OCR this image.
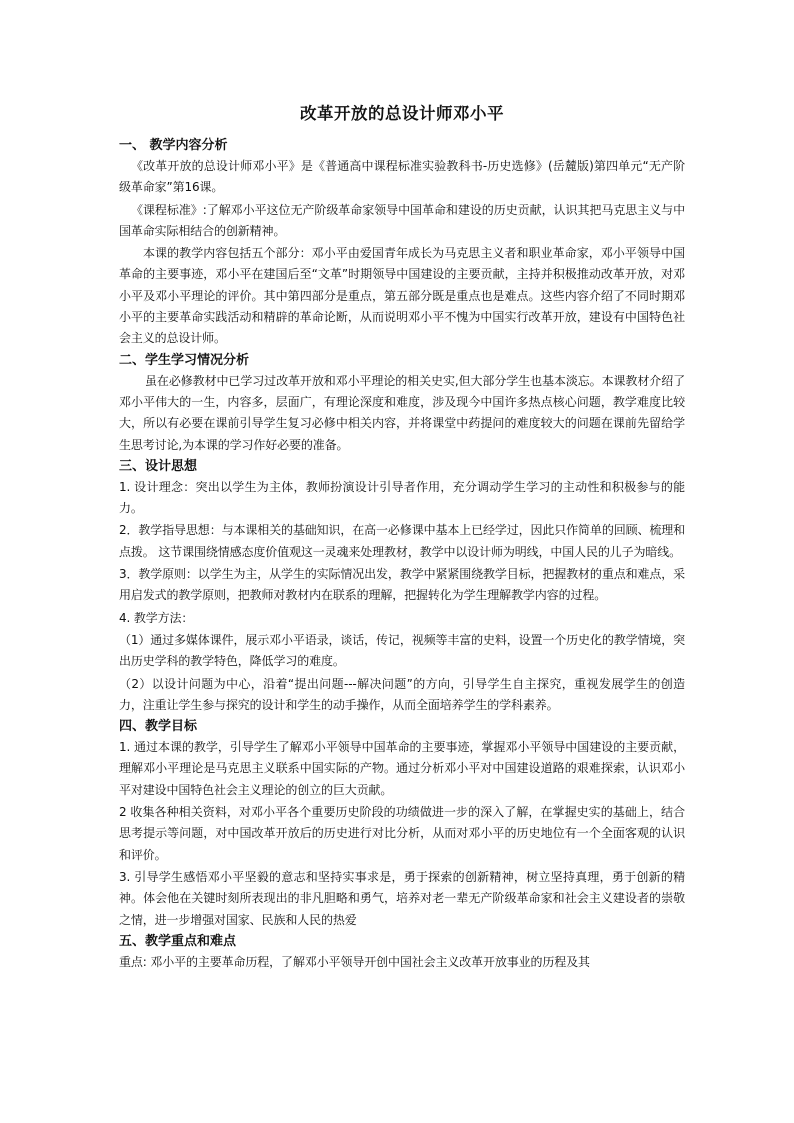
改革开放的总设计师邓小平
一、 教学内容分析

《改革开放的总设计师邓小平》是《普通高中课程标准实验教科书-历史选修》(岳麓版)第四单元“无产阶级革命家”第16课。

《课程标准》:了解邓小平这位无产阶级革命家领导中国革命和建设的历史贡献，认识其把马克思主义与中国革命实际相结合的创新精神。

本课的教学内容包括五个部分：邓小平由爱国青年成长为马克思主义者和职业革命家，邓小平领导中国革命的主要事迹，邓小平在建国后至“文革”时期领导中国建设的主要贡献，主持并积极推动改革开放，对邓小平及邓小平理论的评价。其中第四部分是重点，第五部分既是重点也是难点。这些内容介绍了不同时期邓小平的主要革命实践活动和精辟的革命论断，从而说明邓小平不愧为中国实行改革开放，建设有中国特色社会主义的总设计师。

二、学生学习情况分析

虽在必修教材中已学习过改革开放和邓小平理论的相关史实,但大部分学生也基本淡忘。本课教材介绍了邓小平伟大的一生，内容多，层面广，有理论深度和难度，涉及现今中国许多热点核心问题，教学难度比较大，所以有必要在课前引导学生复习必修中相关内容，并将课堂中药提问的难度较大的问题在课前先留给学生思考讨论,为本课的学习作好必要的准备。

三、设计思想

1. 设计理念：突出以学生为主体，教师扮演设计引导者作用，充分调动学生学习的主动性和积极参与的能力。

2．教学指导思想：与本课相关的基础知识，在高一必修课中基本上已经学过，因此只作简单的回顾、梳理和点拨。 这节课围绕情感态度价值观这一灵魂来处理教材，教学中以设计师为明线，中国人民的儿子为暗线。

3．教学原则：以学生为主，从学生的实际情况出发，教学中紧紧围绕教学目标，把握教材的重点和难点，采用启发式的教学原则，把教师对教材内在联系的理解，把握转化为学生理解教学内容的过程。

4. 教学方法：

（1）通过多媒体课件，展示邓小平语录，谈话，传记，视频等丰富的史料，设置一个历史化的教学情境，突出历史学科的教学特色，降低学习的难度。

（2）以设计问题为中心，沿着“提出问题---解决问题”的方向，引导学生自主探究，重视发展学生的创造力，注重让学生参与探究的设计和学生的动手操作，从而全面培养学生的学科素养。

四、教学目标

1. 通过本课的教学，引导学生了解邓小平领导中国革命的主要事迹，掌握邓小平领导中国建设的主要贡献，理解邓小平理论是马克思主义联系中国实际的产物。通过分析邓小平对中国建设道路的艰难探索，认识邓小平对建设中国特色社会主义理论的创立的巨大贡献。

2 收集各种相关资料，对邓小平各个重要历史阶段的功绩做进一步的深入了解，在掌握史实的基础上，结合思考提示等问题，对中国改革开放后的历史进行对比分析，从而对邓小平的历史地位有一个全面客观的认识和评价。

3. 引导学生感悟邓小平坚毅的意志和坚持实事求是，勇于探索的创新精神，树立坚持真理，勇于创新的精神。体会他在关键时刻所表现出的非凡胆略和勇气，培养对老一辈无产阶级革命家和社会主义建设者的崇敬之情，进一步增强对国家、民族和人民的热爱

五、教学重点和难点

重点: 邓小平的主要革命历程，了解邓小平领导开创中国社会主义改革开放事业的历程及其
